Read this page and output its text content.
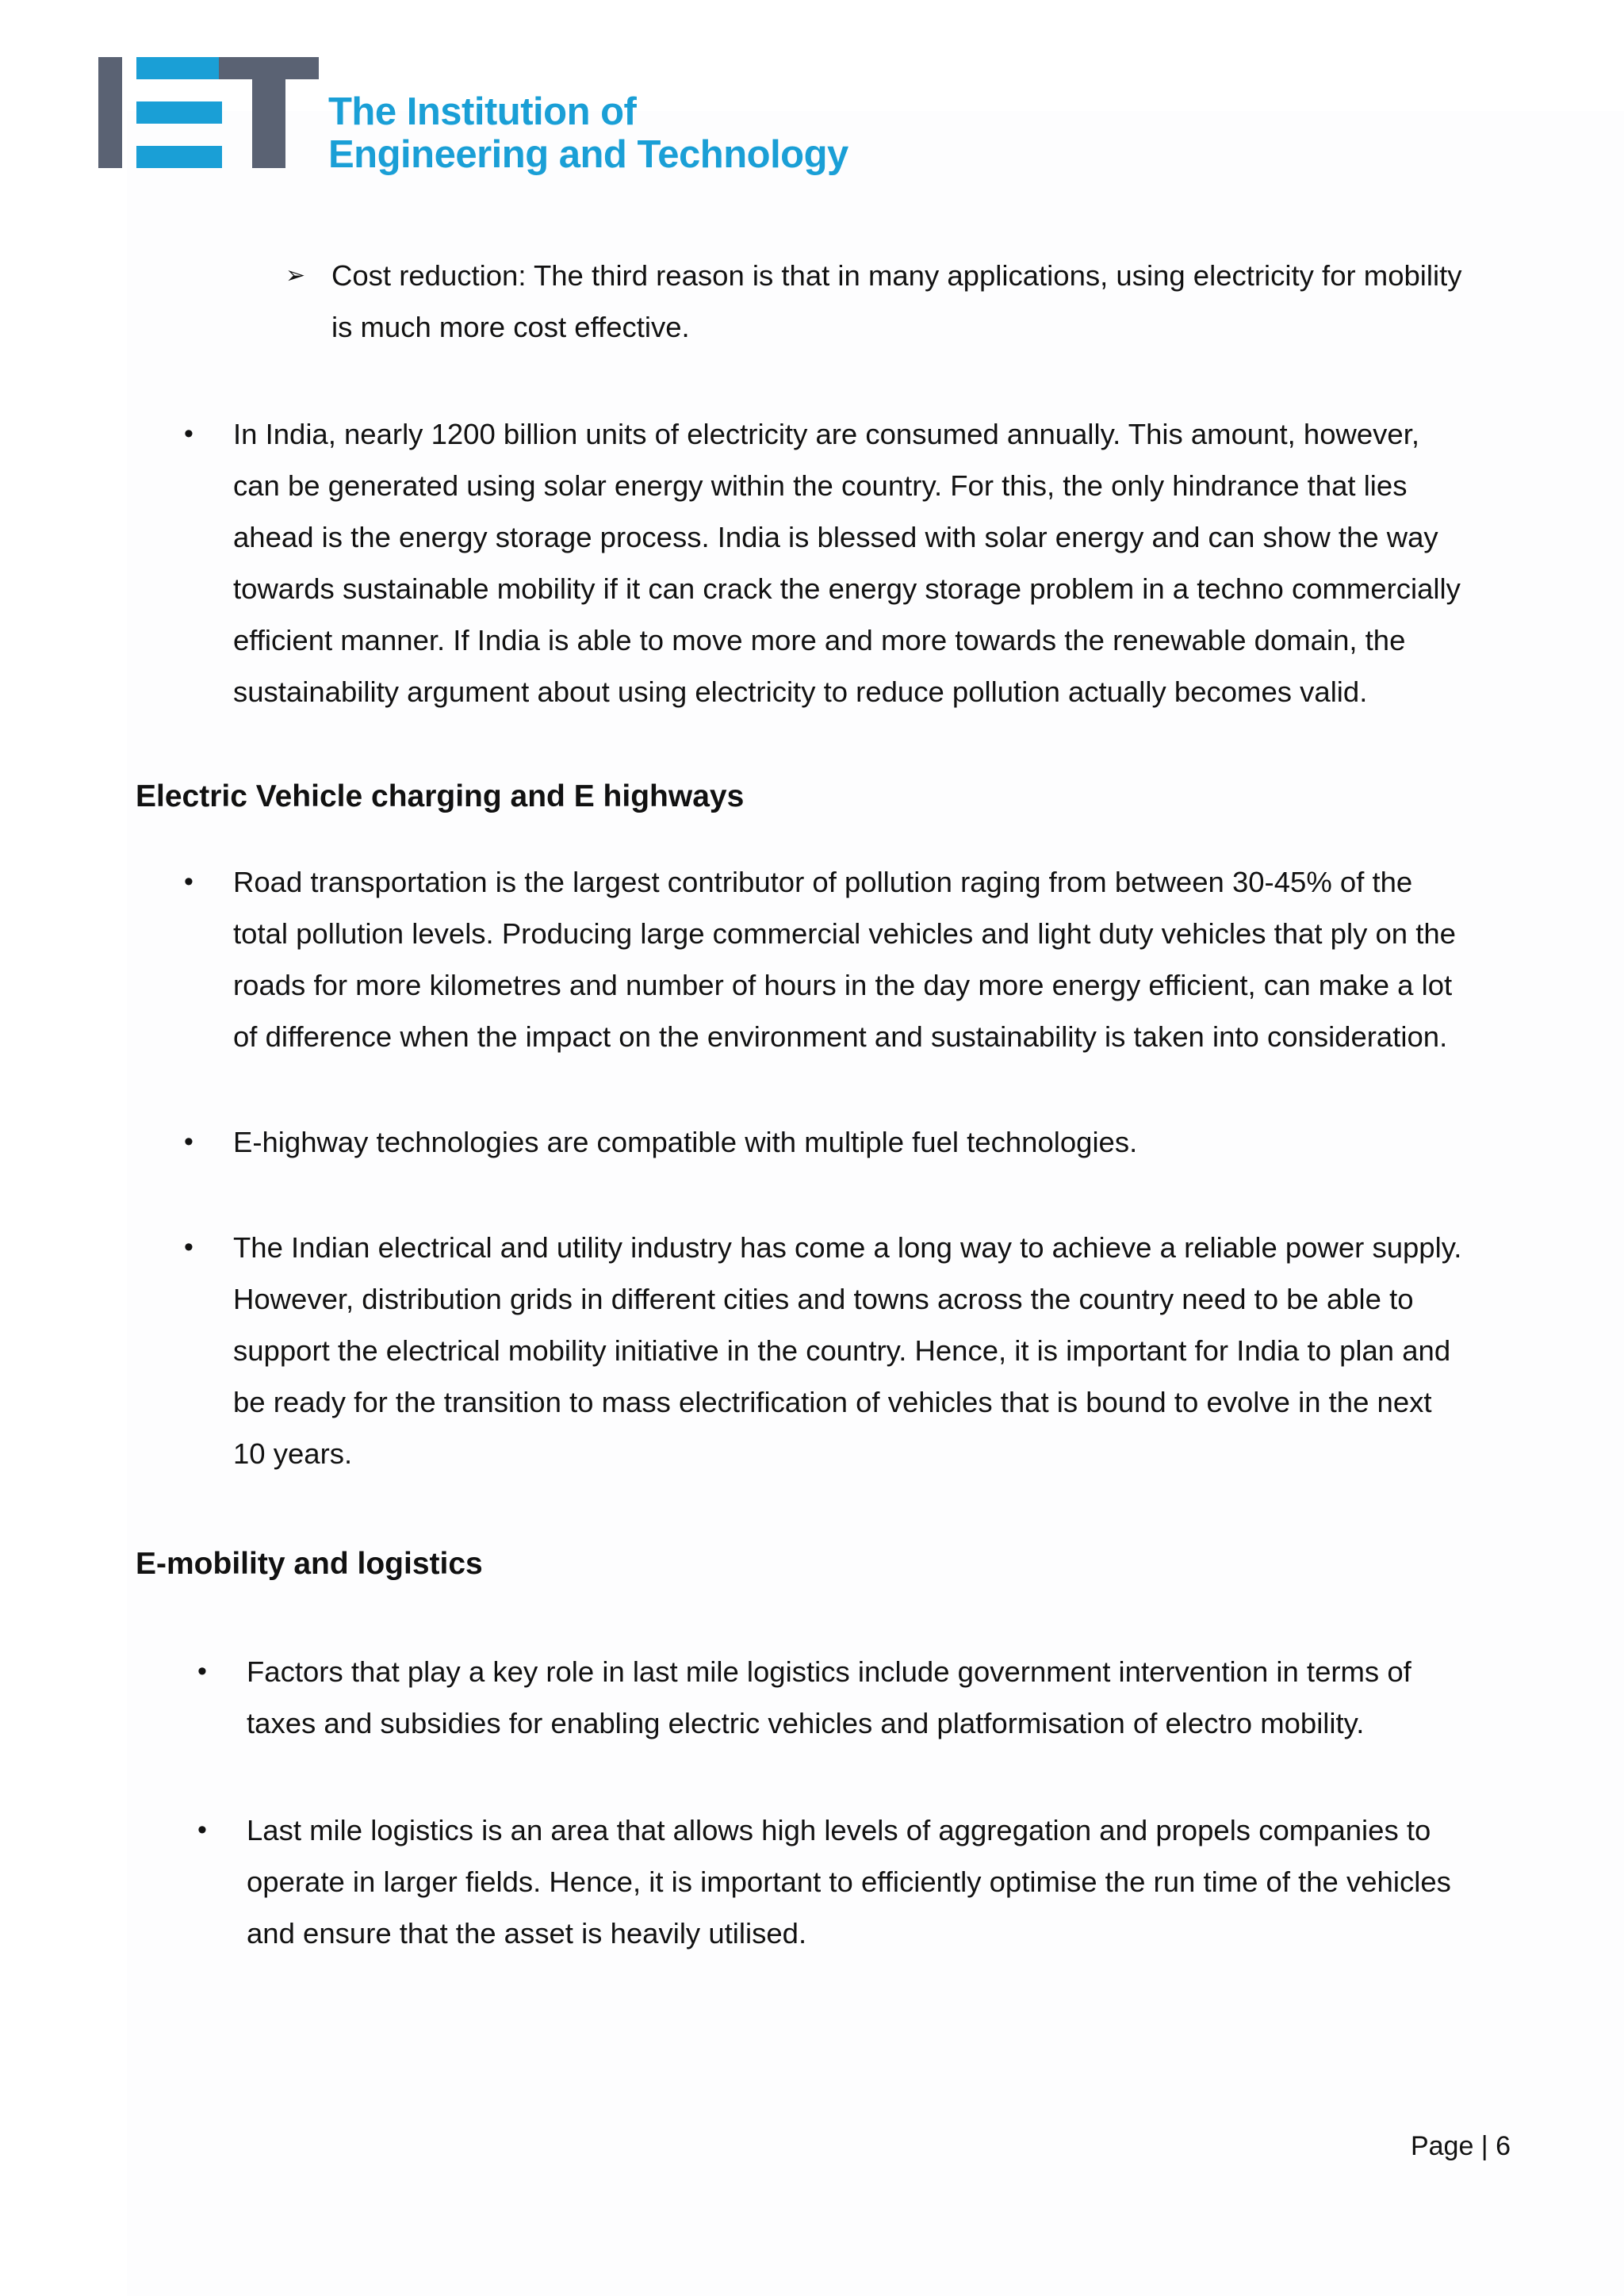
The Institution of
Engineering and Technology
➢ Cost reduction: The third reason is that in many applications, using electricity for mobility
is much more cost effective.
• In India, nearly 1200 billion units of electricity are consumed annually. This amount, however,
can be generated using solar energy within the country. For this, the only hindrance that lies
ahead is the energy storage process. India is blessed with solar energy and can show the way
towards sustainable mobility if it can crack the energy storage problem in a techno commercially
efficient manner. If India is able to move more and more towards the renewable domain, the
sustainability argument about using electricity to reduce pollution actually becomes valid.
Electric Vehicle charging and E highways
• Road transportation is the largest contributor of pollution raging from between 30-45% of the
total pollution levels. Producing large commercial vehicles and light duty vehicles that ply on the
roads for more kilometres and number of hours in the day more energy efficient, can make a lot
of difference when the impact on the environment and sustainability is taken into consideration.
• E-highway technologies are compatible with multiple fuel technologies.
• The Indian electrical and utility industry has come a long way to achieve a reliable power supply.
However, distribution grids in different cities and towns across the country need to be able to
support the electrical mobility initiative in the country. Hence, it is important for India to plan and
be ready for the transition to mass electrification of vehicles that is bound to evolve in the next
10 years.
E-mobility and logistics
• Factors that play a key role in last mile logistics include government intervention in terms of
taxes and subsidies for enabling electric vehicles and platformisation of electro mobility.
• Last mile logistics is an area that allows high levels of aggregation and propels companies to
operate in larger fields. Hence, it is important to efficiently optimise the run time of the vehicles
and ensure that the asset is heavily utilised.
Page | 6
